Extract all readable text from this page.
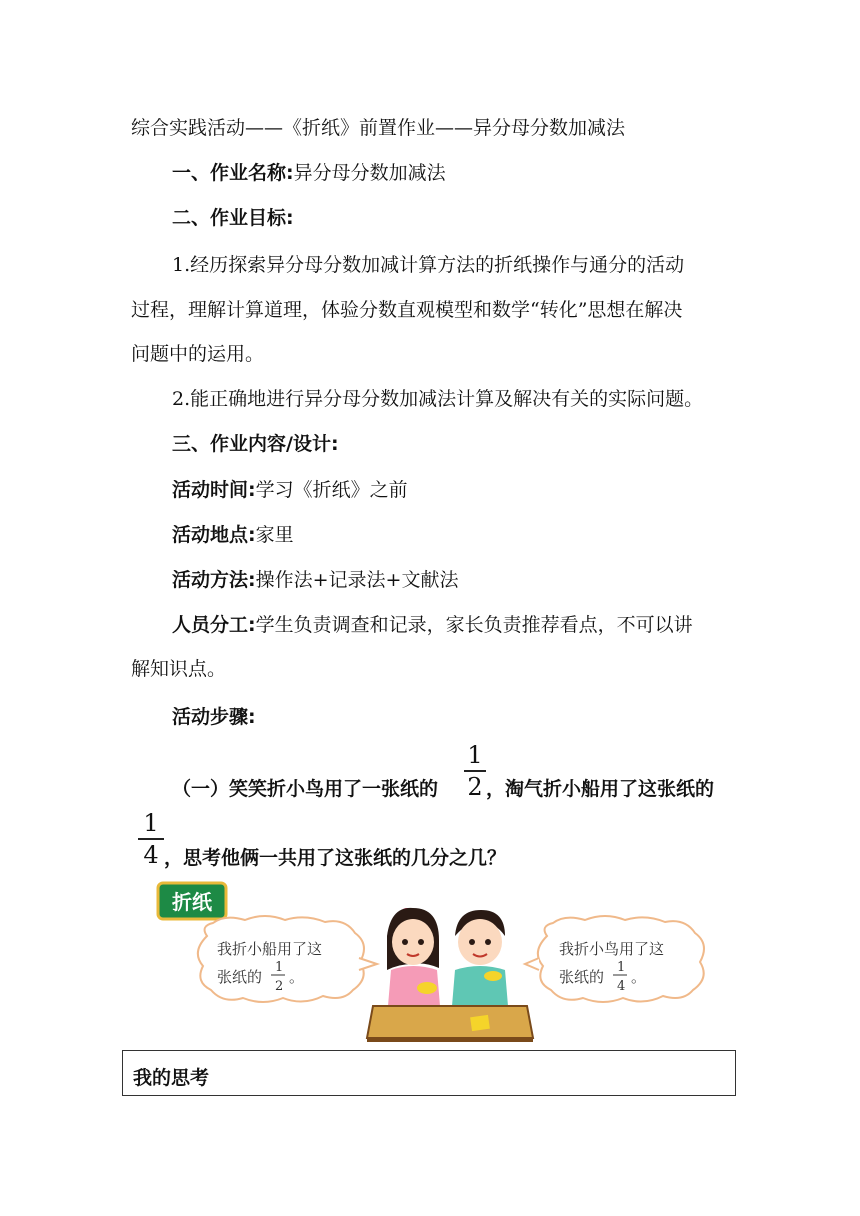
综合实践活动——《折纸》前置作业——异分母分数加减法
一、作业名称:异分母分数加减法
二、作业目标:
1.经历探索异分母分数加减计算方法的折纸操作与通分的活动
过程，理解计算道理，体验分数直观模型和数学“转化”思想在解决
问题中的运用。
2.能正确地进行异分母分数加减法计算及解决有关的实际问题。
三、作业内容/设计:
活动时间:学习《折纸》之前
活动地点:家里
活动方法:操作法+记录法+文献法
人员分工:学生负责调查和记录，家长负责推荐看点，不可以讲
解知识点。
活动步骤:
（一）笑笑折小鸟用了一张纸的
1
2 ，淘气折小船用了这张纸的
1
4 ，思考他俩一共用了这张纸的几分之几？
折纸
我折小船用了这
张纸的
1
2
。
我折小鸟用了这
张纸的
1
4
。
我的思考
